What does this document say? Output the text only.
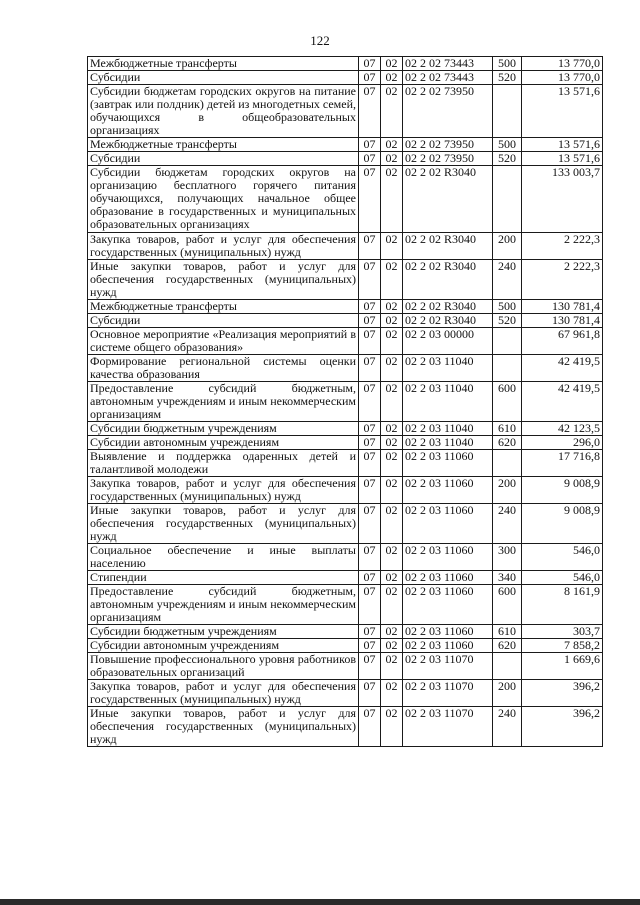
122
Межбюджетные трансферты	07	02	02 2 02 73443	500	13 770,0
Субсидии	07	02	02 2 02 73443	520	13 770,0
Субсидии бюджетам городских округов на питание (завтрак или полдник) детей из многодетных семей, обучающихся в общеобразовательных организациях	07	02	02 2 02 73950		13 571,6
Межбюджетные трансферты	07	02	02 2 02 73950	500	13 571,6
Субсидии	07	02	02 2 02 73950	520	13 571,6
Субсидии бюджетам городских округов на организацию бесплатного горячего питания обучающихся, получающих начальное общее образование в государственных и муниципальных образовательных организациях	07	02	02 2 02 R3040		133 003,7
Закупка товаров, работ и услуг для обеспечения государственных (муниципальных) нужд	07	02	02 2 02 R3040	200	2 222,3
Иные закупки товаров, работ и услуг для обеспечения государственных (муниципальных) нужд	07	02	02 2 02 R3040	240	2 222,3
Межбюджетные трансферты	07	02	02 2 02 R3040	500	130 781,4
Субсидии	07	02	02 2 02 R3040	520	130 781,4
Основное мероприятие «Реализация мероприятий в системе общего образования»	07	02	02 2 03 00000		67 961,8
Формирование региональной системы оценки качества образования	07	02	02 2 03 11040		42 419,5
Предоставление субсидий бюджетным, автономным учреждениям и иным некоммерческим организациям	07	02	02 2 03 11040	600	42 419,5
Субсидии бюджетным учреждениям	07	02	02 2 03 11040	610	42 123,5
Субсидии автономным учреждениям	07	02	02 2 03 11040	620	296,0
Выявление и поддержка одаренных детей и талантливой молодежи	07	02	02 2 03 11060		17 716,8
Закупка товаров, работ и услуг для обеспечения государственных (муниципальных) нужд	07	02	02 2 03 11060	200	9 008,9
Иные закупки товаров, работ и услуг для обеспечения государственных (муниципальных) нужд	07	02	02 2 03 11060	240	9 008,9
Социальное обеспечение и иные выплаты населению	07	02	02 2 03 11060	300	546,0
Стипендии	07	02	02 2 03 11060	340	546,0
Предоставление субсидий бюджетным, автономным учреждениям и иным некоммерческим организациям	07	02	02 2 03 11060	600	8 161,9
Субсидии бюджетным учреждениям	07	02	02 2 03 11060	610	303,7
Субсидии автономным учреждениям	07	02	02 2 03 11060	620	7 858,2
Повышение профессионального уровня работников образовательных организаций	07	02	02 2 03 11070		1 669,6
Закупка товаров, работ и услуг для обеспечения государственных (муниципальных) нужд	07	02	02 2 03 11070	200	396,2
Иные закупки товаров, работ и услуг для обеспечения государственных (муниципальных) нужд	07	02	02 2 03 11070	240	396,2
